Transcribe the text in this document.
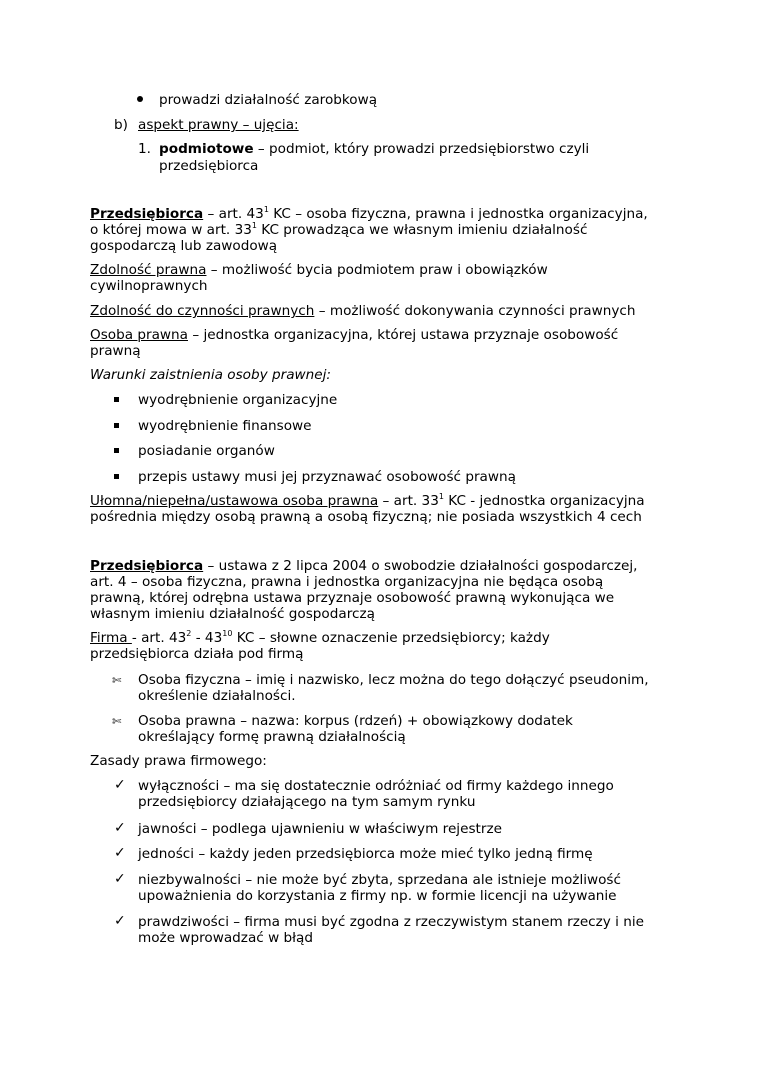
prowadzi działalność zarobkową
b) aspekt prawny – ujęcia:
1. podmiotowe – podmiot, który prowadzi przedsiębiorstwo czyli
przedsiębiorca
Przedsiębiorca – art. $43^1$ KC – osoba fizyczna, prawna i jednostka organizacyjna,
o której mowa w art. $33^1$ KC prowadząca we własnym imieniu działalność
gospodarczą lub zawodową
Zdolność prawna – możliwość bycia podmiotem praw i obowiązków
cywilnoprawnych
Zdolność do czynności prawnych – możliwość dokonywania czynności prawnych
Osoba prawna – jednostka organizacyjna, której ustawa przyznaje osobowość
prawną
Warunki zaistnienia osoby prawnej:
wyodrębnienie organizacyjne
wyodrębnienie finansowe
posiadanie organów
przepis ustawy musi jej przyznawać osobowość prawną
Ułomna/niepełna/ustawowa osoba prawna – art. $33^1$ KC - jednostka organizacyjna
pośrednia między osobą prawną a osobą fizyczną; nie posiada wszystkich 4 cech
Przedsiębiorca – ustawa z 2 lipca 2004 o swobodzie działalności gospodarczej,
art. 4 – osoba fizyczna, prawna i jednostka organizacyjna nie będąca osobą
prawną, której odrębna ustawa przyznaje osobowość prawną wykonująca we
własnym imieniu działalność gospodarczą
Firma - art. $43^2 - 43^{10}$ KC – słowne oznaczenie przedsiębiorcy; każdy
przedsiębiorca działa pod firmą
✄ Osoba fizyczna – imię i nazwisko, lecz można do tego dołączyć pseudonim,
określenie działalności.
✄ Osoba prawna – nazwa: korpus (rdzeń) + obowiązkowy dodatek
określający formę prawną działalnością
Zasady prawa firmowego:
✓ wyłączności – ma się dostatecznie odróżniać od firmy każdego innego
przedsiębiorcy działającego na tym samym rynku
✓ jawności – podlega ujawnieniu w właściwym rejestrze
✓ jedności – każdy jeden przedsiębiorca może mieć tylko jedną firmę
✓ niezbywalności – nie może być zbyta, sprzedana ale istnieje możliwość
upoważnienia do korzystania z firmy np. w formie licencji na używanie
✓ prawdziwości – firma musi być zgodna z rzeczywistym stanem rzeczy i nie
może wprowadzać w błąd
